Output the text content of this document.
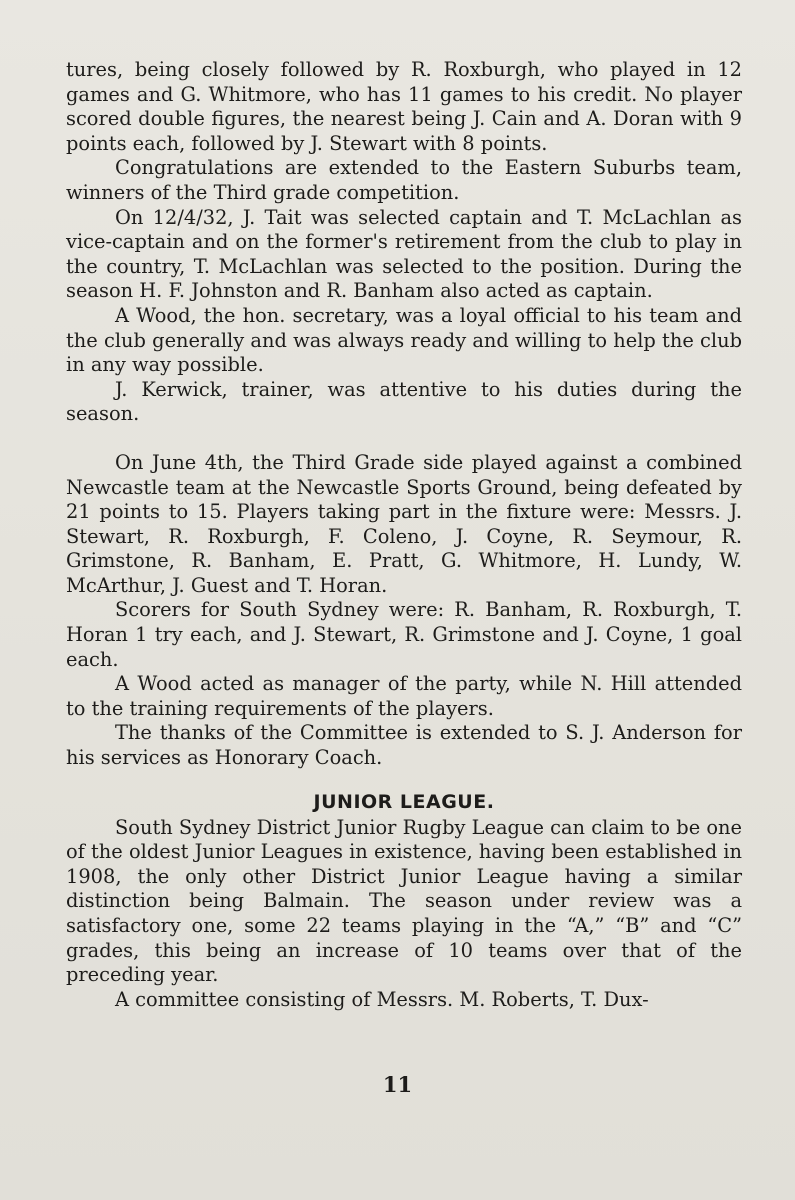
tures, being closely followed by R. Roxburgh, who played in 12 games and G. Whitmore, who has 11 games to his credit. No player scored double figures, the nearest being J. Cain and A. Doran with 9 points each, followed by J. Stewart with 8 points.

Congratulations are extended to the Eastern Suburbs team, winners of the Third grade competition.

On 12/4/32, J. Tait was selected captain and T. McLachlan as vice-captain and on the former's retirement from the club to play in the country, T. McLachlan was selected to the position. During the season H. F. Johnston and R. Banham also acted as captain.

A Wood, the hon. secretary, was a loyal official to his team and the club generally and was always ready and willing to help the club in any way possible.

J. Kerwick, trainer, was attentive to his duties during the season.

On June 4th, the Third Grade side played against a combined Newcastle team at the Newcastle Sports Ground, being defeated by 21 points to 15. Players taking part in the fixture were: Messrs. J. Stewart, R. Roxburgh, F. Colenо, J. Coyne, R. Seymour, R. Grimstone, R. Banham, E. Pratt, G. Whitmore, H. Lundy, W. McArthur, J. Guest and T. Horan.

Scorers for South Sydney were: R. Banham, R. Roxburgh, T. Horan 1 try each, and J. Stewart, R. Grimstone and J. Coyne, 1 goal each.

A Wood acted as manager of the party, while N. Hill attended to the training requirements of the players.

The thanks of the Committee is extended to S. J. Anderson for his services as Honorary Coach.

JUNIOR LEAGUE.

South Sydney District Junior Rugby League can claim to be one of the oldest Junior Leagues in existence, having been established in 1908, the only other District Junior League having a similar distinction being Balmain. The season under review was a satisfactory one, some 22 teams playing in the “A,” “B” and “C” grades, this being an increase of 10 teams over that of the preceding year.

A committee consisting of Messrs. M. Roberts, T. Dux-

11
